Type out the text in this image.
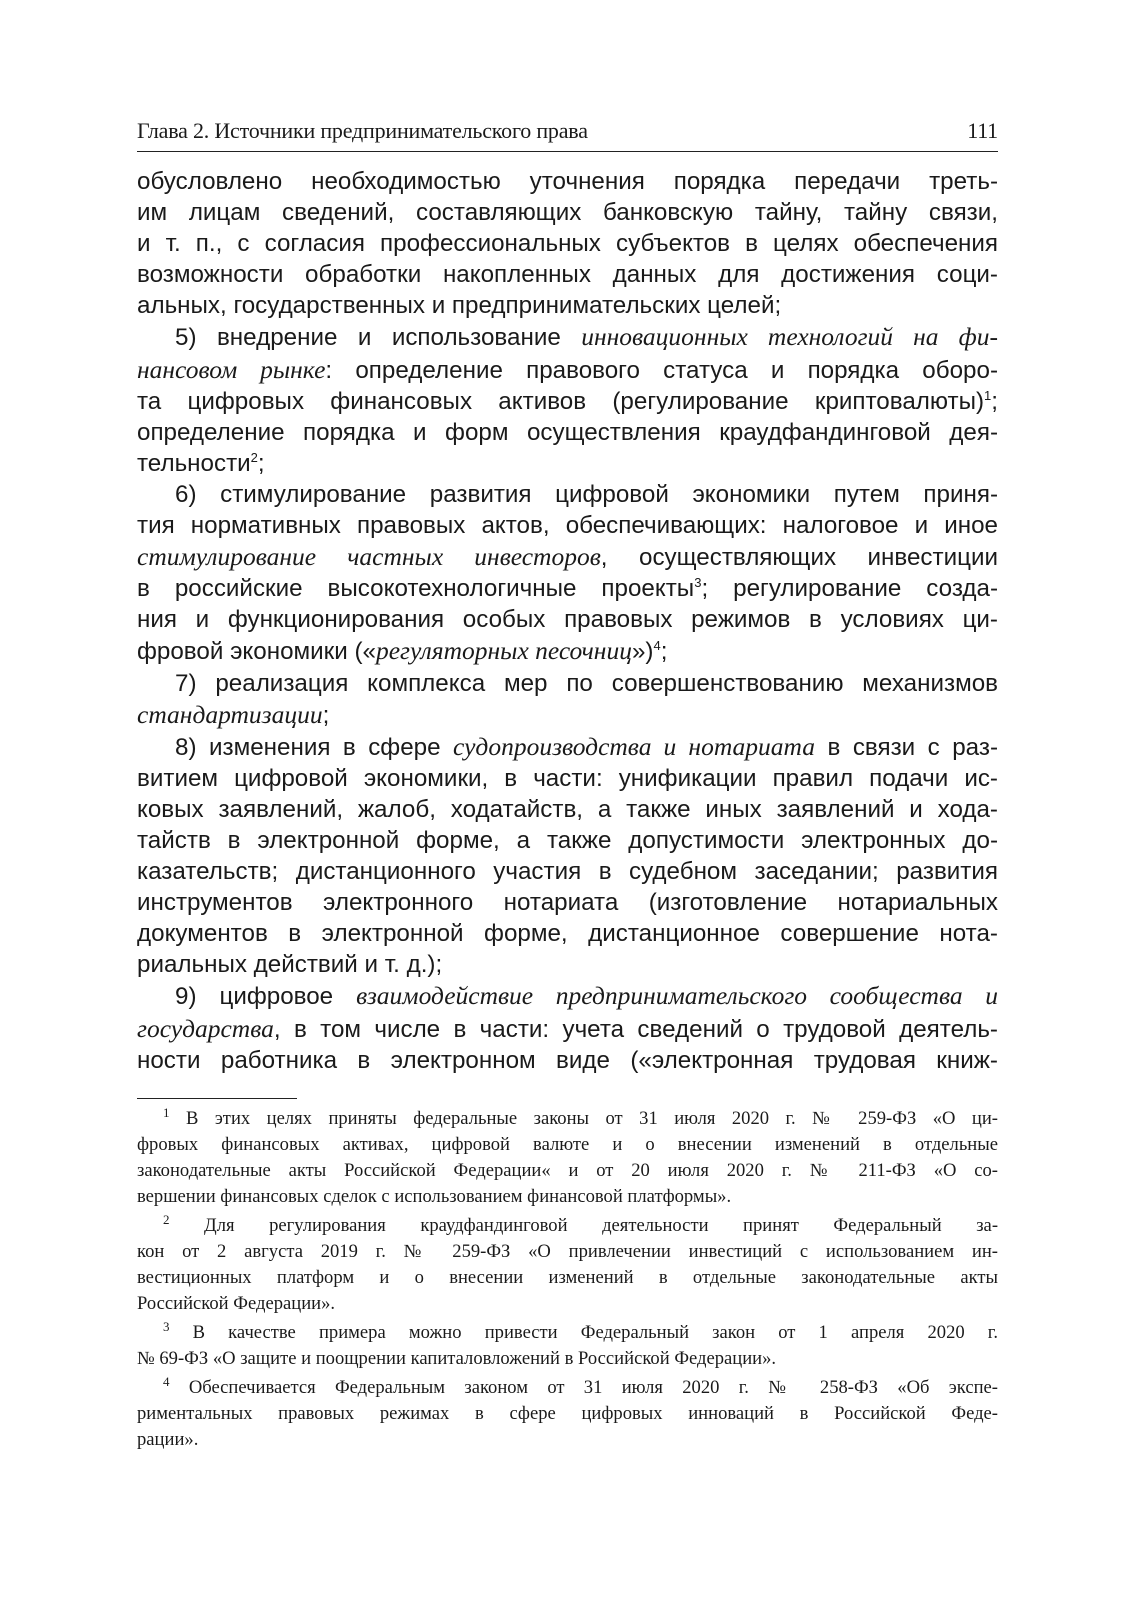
Глава 2. Источники предпринимательского права	111
обусловлено необходимостью уточнения порядка передачи треть-
им лицам сведений, составляющих банковскую тайну, тайну связи,
и т. п., с согласия профессиональных субъектов в целях обеспечения
возможности обработки накопленных данных для достижения соци-
альных, государственных и предпринимательских целей;
5) внедрение и использование инновационных технологий на фи-
нансовом рынке: определение правового статуса и порядка оборо-
та цифровых финансовых активов (регулирование криптовалюты)$^1$;
определение порядка и форм осуществления краудфандинговой дея-
тельности$^2$;
6) стимулирование развития цифровой экономики путем приня-
тия нормативных правовых актов, обеспечивающих: налоговое и иное
стимулирование частных инвесторов, осуществляющих инвестиции
в российские высокотехнологичные проекты$^3$; регулирование созда-
ния и функционирования особых правовых режимов в условиях ци-
фровой экономики («регуляторных песочниц»)$^4$;
7) реализация комплекса мер по совершенствованию механизмов
стандартизации;
8) изменения в сфере судопроизводства и нотариата в связи с раз-
витием цифровой экономики, в части: унификации правил подачи ис-
ковых заявлений, жалоб, ходатайств, а также иных заявлений и хода-
тайств в электронной форме, а также допустимости электронных до-
казательств; дистанционного участия в судебном заседании; развития
инструментов электронного нотариата (изготовление нотариальных
документов в электронной форме, дистанционное совершение нота-
риальных действий и т. д.);
9) цифровое взаимодействие предпринимательского сообщества и
государства, в том числе в части: учета сведений о трудовой деятель-
ности работника в электронном виде («электронная трудовая книж-
$^1$ В этих целях приняты федеральные законы от 31 июля 2020 г. № 259-ФЗ «О ци-
фровых финансовых активах, цифровой валюте и о внесении изменений в отдельные
законодательные акты Российской Федерации« и от 20 июля 2020 г. № 211-ФЗ «О со-
вершении финансовых сделок с использованием финансовой платформы».
$^2$ Для регулирования краудфандинговой деятельности принят Федеральный за-
кон от 2 августа 2019 г. № 259-ФЗ «О привлечении инвестиций с использованием ин-
вестиционных платформ и о внесении изменений в отдельные законодательные акты
Российской Федерации».
$^3$ В качестве примера можно привести Федеральный закон от 1 апреля 2020 г.
№ 69-ФЗ «О защите и поощрении капиталовложений в Российской Федерации».
$^4$ Обеспечивается Федеральным законом от 31 июля 2020 г. № 258-ФЗ «Об экспе-
риментальных правовых режимах в сфере цифровых инноваций в Российской Феде-
рации».
